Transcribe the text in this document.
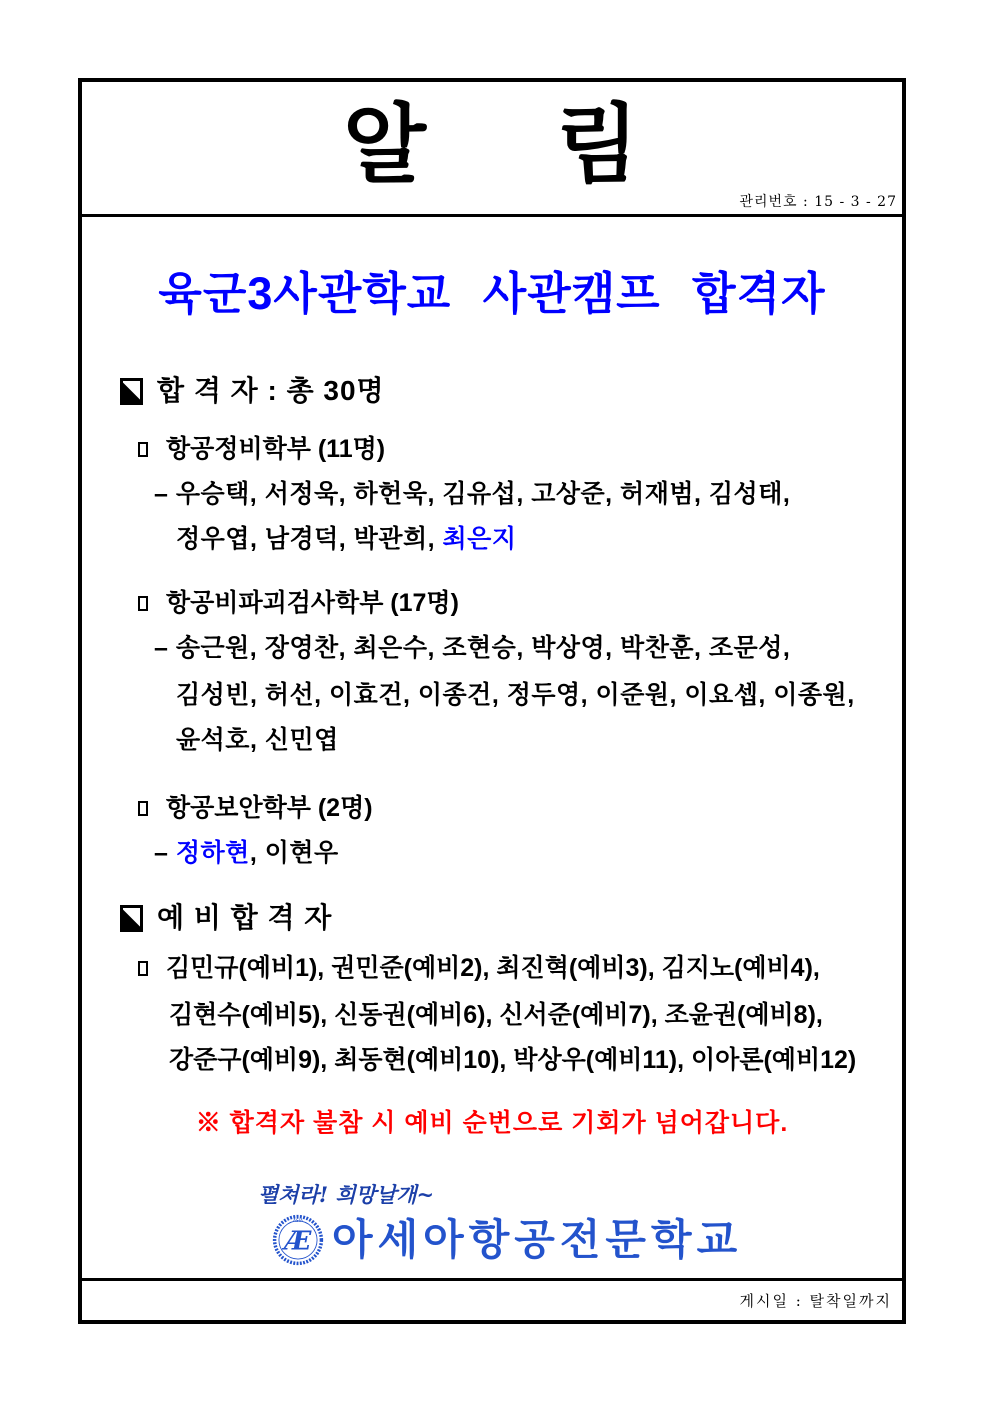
알    림
관리번호 : 15 - 3 - 27
육군3사관학교 사관캠프 합격자
합 격 자 : 총 30명
항공정비학부 (11명)
– 우승택, 서정욱, 하헌욱, 김유섭, 고상준, 허재범, 김성태,
정우엽, 남경덕, 박관희, 최은지
항공비파괴검사학부 (17명)
– 송근원, 장영찬, 최은수, 조현승, 박상영, 박찬훈, 조문성,
김성빈, 허선, 이효건, 이종건, 정두영, 이준원, 이요셉, 이종원,
윤석호, 신민엽
항공보안학부 (2명)
– 정하현, 이현우
예 비 합 격 자
김민규(예비1), 권민준(예비2), 최진혁(예비3), 김지노(예비4),
김현수(예비5), 신동권(예비6), 신서준(예비7), 조윤권(예비8),
강준구(예비9), 최동현(예비10), 박상우(예비11), 이아론(예비12)
※ 합격자 불참 시 예비 순번으로 기회가 넘어갑니다.
펼쳐라! 희망날개~
Æ
ASIA 아세아항공전문학교
게시일 : 탈착일까지
